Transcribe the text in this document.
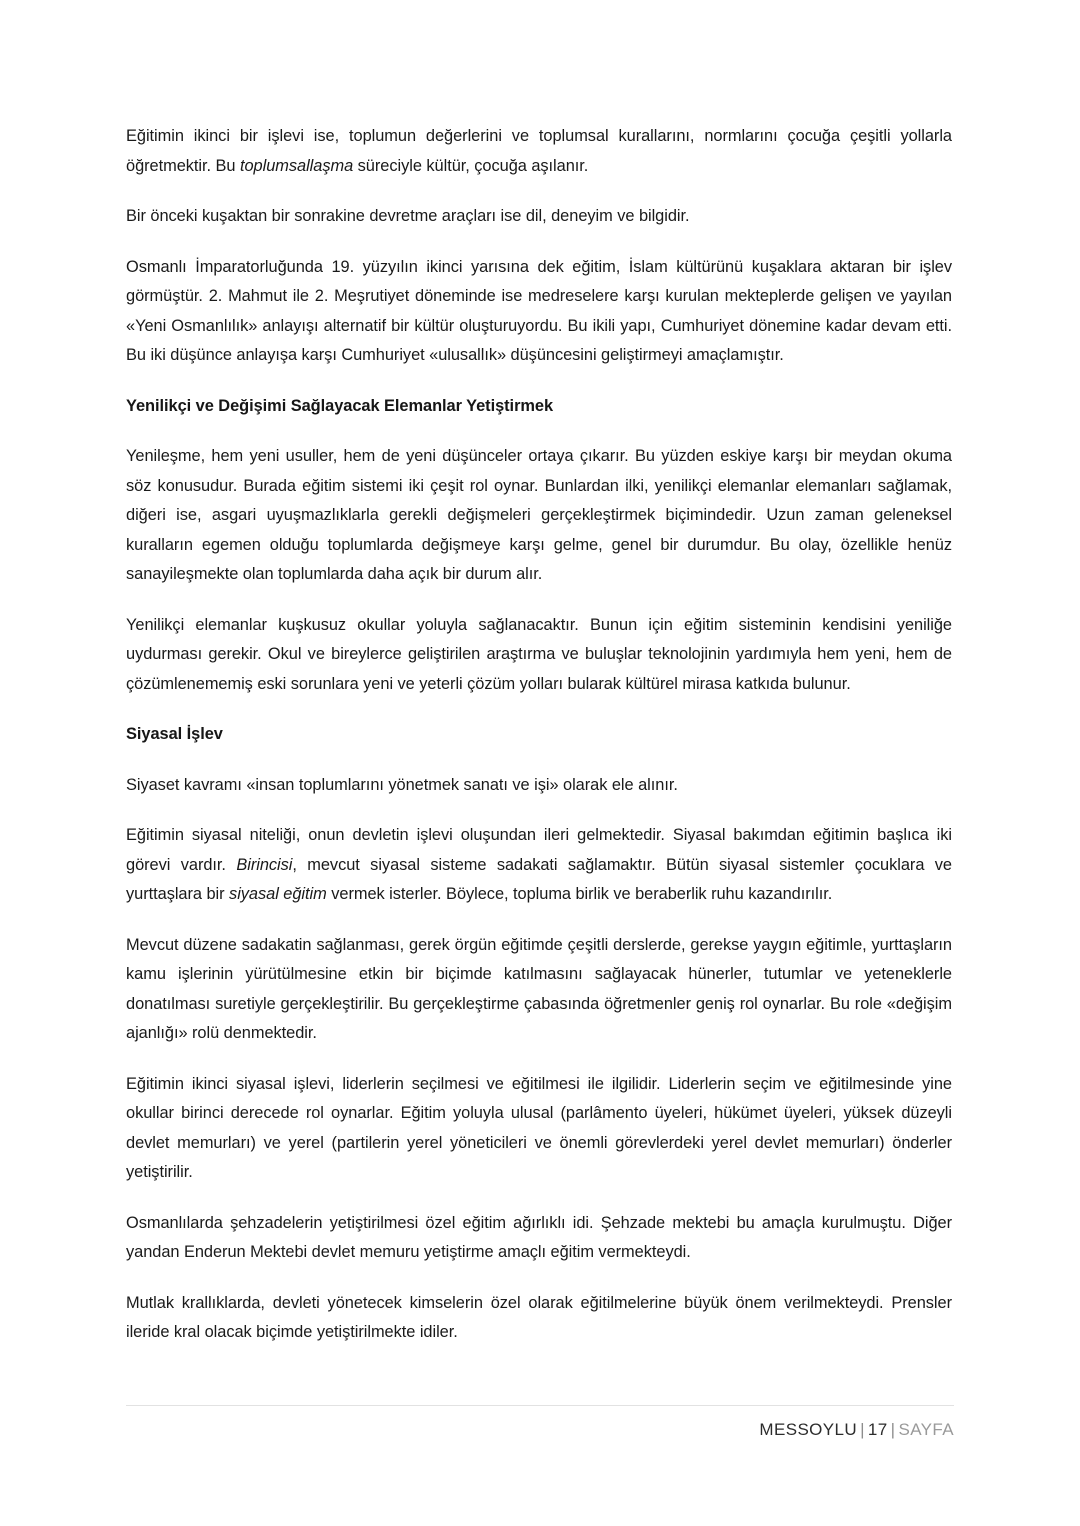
Eğitimin ikinci bir işlevi ise, toplumun değerlerini ve toplumsal kurallarını, normlarını çocuğa çeşitli yollarla öğretmektir. Bu toplumsallaşma süreciyle kültür, çocuğa aşılanır.

Bir önceki kuşaktan bir sonrakine devretme araçları ise dil, deneyim ve bilgidir.

Osmanlı İmparatorluğunda 19. yüzyılın ikinci yarısına dek eğitim, İslam kültürünü kuşaklara aktaran bir işlev görmüştür. 2. Mahmut ile 2. Meşrutiyet döneminde ise medreselere karşı kurulan mekteplerde gelişen ve yayılan «Yeni Osmanlılık» anlayışı alternatif bir kültür oluşturuyordu. Bu ikili yapı, Cumhuriyet dönemine kadar devam etti. Bu iki düşünce anlayışa karşı Cumhuriyet «ulusallık» düşüncesini geliştirmeyi amaçlamıştır.

Yenilikçi ve Değişimi Sağlayacak Elemanlar Yetiştirmek

Yenileşme, hem yeni usuller, hem de yeni düşünceler ortaya çıkarır. Bu yüzden eskiye karşı bir meydan okuma söz konusudur. Burada eğitim sistemi iki çeşit rol oynar. Bunlardan ilki, yenilikçi elemanlar elemanları sağlamak, diğeri ise, asgari uyuşmazlıklarla gerekli değişmeleri gerçekleştirmek biçimindedir. Uzun zaman geleneksel kuralların egemen olduğu toplumlarda değişmeye karşı gelme, genel bir durumdur. Bu olay, özellikle henüz sanayileşmekte olan toplumlarda daha açık bir durum alır.

Yenilikçi elemanlar kuşkusuz okullar yoluyla sağlanacaktır. Bunun için eğitim sisteminin kendisini yeniliğe uydurması gerekir. Okul ve bireylerce geliştirilen araştırma ve buluşlar teknolojinin yardımıyla hem yeni, hem de çözümlenememiş eski sorunlara yeni ve yeterli çözüm yolları bularak kültürel mirasa katkıda bulunur.

Siyasal İşlev

Siyaset kavramı «insan toplumlarını yönetmek sanatı ve işi» olarak ele alınır.

Eğitimin siyasal niteliği, onun devletin işlevi oluşundan ileri gelmektedir. Siyasal bakımdan eğitimin başlıca iki görevi vardır. Birincisi, mevcut siyasal sisteme sadakati sağlamaktır. Bütün siyasal sistemler çocuklara ve yurttaşlara bir siyasal eğitim vermek isterler. Böylece, topluma birlik ve beraberlik ruhu kazandırılır.

Mevcut düzene sadakatin sağlanması, gerek örgün eğitimde çeşitli derslerde, gerekse yaygın eğitimle, yurttaşların kamu işlerinin yürütülmesine etkin bir biçimde katılmasını sağlayacak hünerler, tutumlar ve yeteneklerle donatılması suretiyle gerçekleştirilir. Bu gerçekleştirme çabasında öğretmenler geniş rol oynarlar. Bu role «değişim ajanlığı» rolü denmektedir.

Eğitimin ikinci siyasal işlevi, liderlerin seçilmesi ve eğitilmesi ile ilgilidir. Liderlerin seçim ve eğitilmesinde yine okullar birinci derecede rol oynarlar. Eğitim yoluyla ulusal (parlâmento üyeleri, hükümet üyeleri, yüksek düzeyli devlet memurları) ve yerel (partilerin yerel yöneticileri ve önemli görevlerdeki yerel devlet memurları) önderler yetiştirilir.

Osmanlılarda şehzadelerin yetiştirilmesi özel eğitim ağırlıklı idi. Şehzade mektebi bu amaçla kurulmuştu. Diğer yandan Enderun Mektebi devlet memuru yetiştirme amaçlı eğitim vermekteydi.

Mutlak krallıklarda, devleti yönetecek kimselerin özel olarak eğitilmelerine büyük önem verilmekteydi. Prensler ileride kral olacak biçimde yetiştirilmekte idiler.

MESSOYLU | 17 | SAYFA
